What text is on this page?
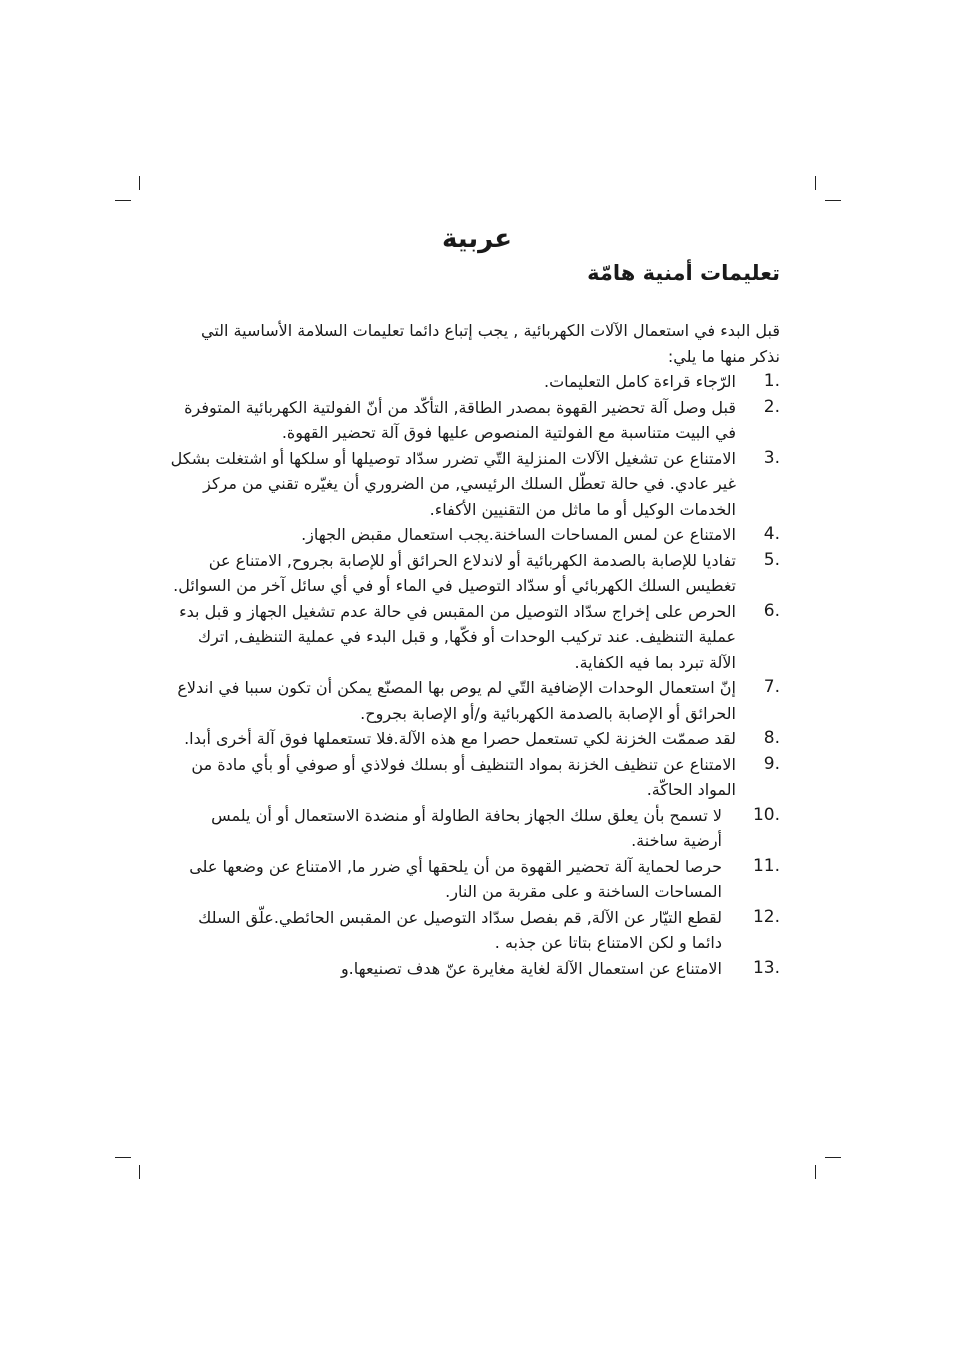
عربية
تعليمات أمنية هامّة

قبل البدء في استعمال الآلات الكهربائية , يجب إتباع دائما تعليمات السلامة الأساسية التي نذكر منها ما يلي:

1.
الرّجاء قراءة كامل التعليمات.
2.
قبل وصل آلة تحضير القهوة بمصدر الطاقة, التأكّد من أنّ الفولتية الكهربائية المتوفرة في البيت متناسبة مع الفولتية المنصوص عليها فوق آلة تحضير القهوة.
3.
الامتناع عن تشغيل الآلات المنزلية التّي تضرر سدّاد توصيلها أو سلكها أو اشتغلت بشكل غير عادي. في حالة تعطّل السلك الرئيسي, من الضروري أن يغيّره تقني من مركز الخدمات الوكيل أو ما ماثل من التقنيين الأكفاء.
4.
الامتناع عن لمس المساحات الساخنة.يجب استعمال مقبض الجهاز.
5.
تفاديا للإصابة بالصدمة الكهربائية أو لاندلاع الحرائق أو للإصابة بجروح, الامتناع عن تغطيس السلك الكهربائي أو سدّاد التوصيل في الماء أو في أي سائل آخر من السوائل.
6.
الحرص على إخراج سدّاد التوصيل من المقبس في حالة عدم تشغيل الجهاز و قبل بدء عملية التنظيف. عند تركيب الوحدات أو فكّها, و قبل البدء في عملية التنظيف, اترك الآلة تبرد بما فيه الكفاية.
7.
إنّ استعمال الوحدات الإضافية التّي لم يوص بها المصنّع يمكن أن تكون سببا في اندلاع الحرائق أو الإصابة بالصدمة الكهربائية و/أو الإصابة بجروح.
8.
لقد صممّت الخزنة لكي تستعمل حصرا مع هذه الآلة.فلا تستعملها فوق آلة أخرى أبدا.
9.
الامتناع عن تنظيف الخزنة بمواد التنظيف أو بسلك فولاذي أو صوفي أو بأي مادة من المواد الحاكّة.
10.
لا تسمح بأن يعلق سلك الجهاز بحافة الطاولة أو منضدة الاستعمال أو أن يلمس أرضية ساخنة.
11.
حرصا لحماية آلة تحضير القهوة من أن يلحقها أي ضرر ما, الامتناع عن وضعها على المساحات الساخنة و على مقربة من النار.
12.
لقطع التيّار عن الآلة, قم بفصل سدّاد التوصيل عن المقبس الحائطي.علّق السلك دائما و لكن الامتناع بتاتا عن جذبه .
13.
الامتناع عن استعمال الآلة لغاية مغايرة عنّ هدف تصنيعها.و
